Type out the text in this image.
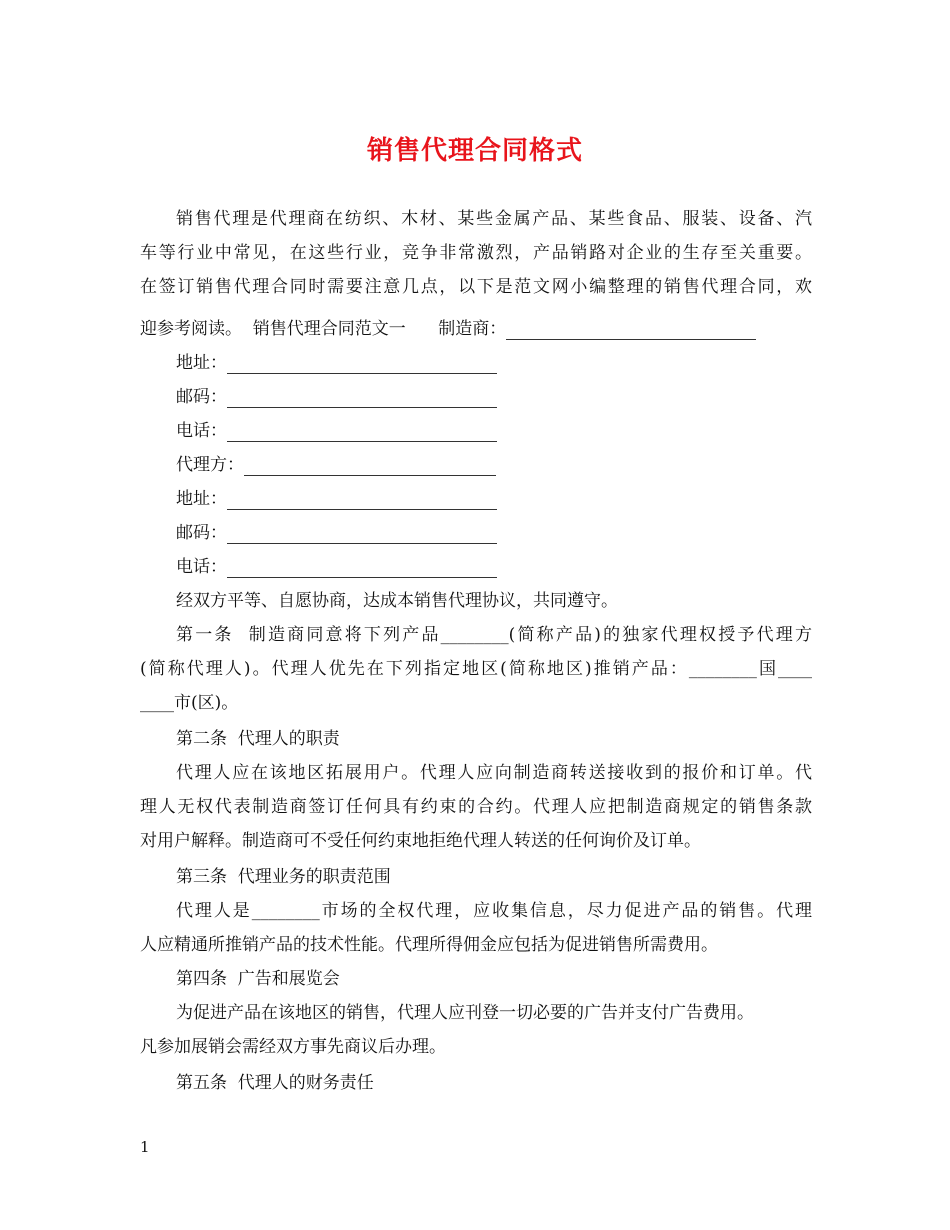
销售代理合同格式
销售代理是代理商在纺织、木材、某些金属产品、某些食品、服装、设备、汽
车等行业中常见，在这些行业，竞争非常激烈，产品销路对企业的生存至关重要。
在签订销售代理合同时需要注意几点，以下是范文网小编整理的销售代理合同，欢
迎参考阅读。  销售代理合同范文一      制造商：
地址：
邮码：
电话：
代理方：
地址：
邮码：
电话：
经双方平等、自愿协商，达成本销售代理协议，共同遵守。
第一条  制造商同意将下列产品________(简称产品)的独家代理权授予代理方
(简称代理人)。代理人优先在下列指定地区(简称地区)推销产品：________国____
____市(区)。
第二条  代理人的职责
代理人应在该地区拓展用户。代理人应向制造商转送接收到的报价和订单。代
理人无权代表制造商签订任何具有约束的合约。代理人应把制造商规定的销售条款
对用户解释。制造商可不受任何约束地拒绝代理人转送的任何询价及订单。
第三条  代理业务的职责范围
代理人是________市场的全权代理，应收集信息，尽力促进产品的销售。代理
人应精通所推销产品的技术性能。代理所得佣金应包括为促进销售所需费用。
第四条  广告和展览会
为促进产品在该地区的销售，代理人应刊登一切必要的广告并支付广告费用。
凡参加展销会需经双方事先商议后办理。
第五条  代理人的财务责任
1
